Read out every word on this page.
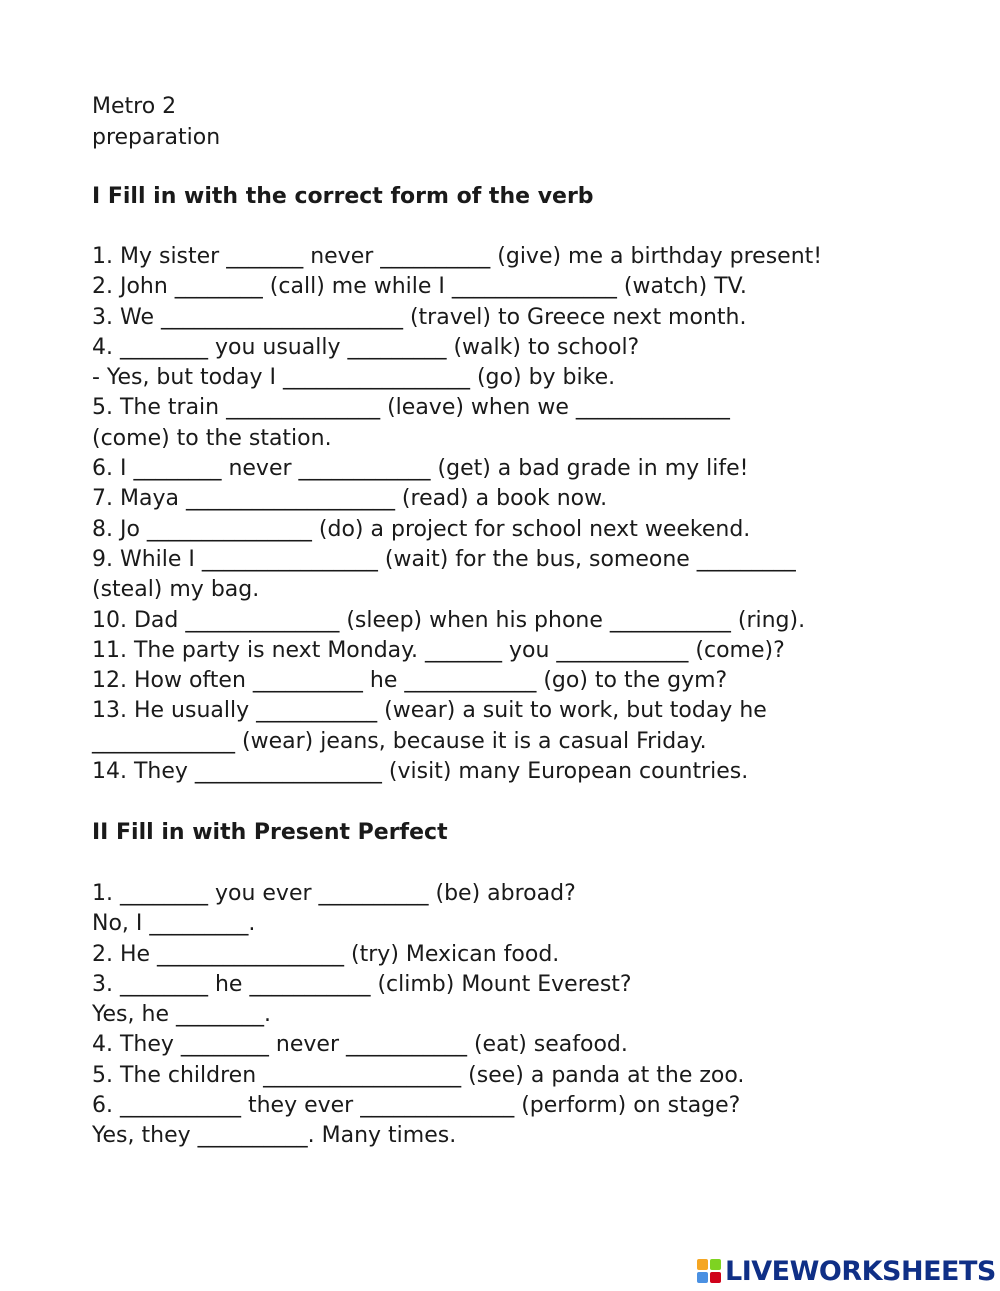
Metro 2
preparation
I Fill in with the correct form of the verb
1. My sister _______ never __________ (give) me a birthday present!
2. John ________ (call) me while I _______________ (watch) TV.
3. We ______________________ (travel) to Greece next month.
4. ________ you usually _________ (walk) to school?
- Yes, but today I _________________ (go) by bike.
5. The train ______________ (leave) when we ______________
(come) to the station.
6. I ________ never ____________ (get) a bad grade in my life!
7. Maya ___________________ (read) a book now.
8. Jo _______________ (do) a project for school next weekend.
9. While I ________________ (wait) for the bus, someone _________
(steal) my bag.
10. Dad ______________ (sleep) when his phone ___________ (ring).
11. The party is next Monday. _______ you ____________ (come)?
12. How often __________ he ____________ (go) to the gym?
13. He usually ___________ (wear) a suit to work, but today he
_____________ (wear) jeans, because it is a casual Friday.
14. They _________________ (visit) many European countries.
II Fill in with Present Perfect
1. ________ you ever __________ (be) abroad?
No, I _________.
2. He _________________ (try) Mexican food.
3. ________ he ___________ (climb) Mount Everest?
Yes, he ________.
4. They ________ never ___________ (eat) seafood.
5. The children __________________ (see) a panda at the zoo.
6. ___________ they ever ______________ (perform) on stage?
Yes, they __________. Many times.
LIVEWORKSHEETS
